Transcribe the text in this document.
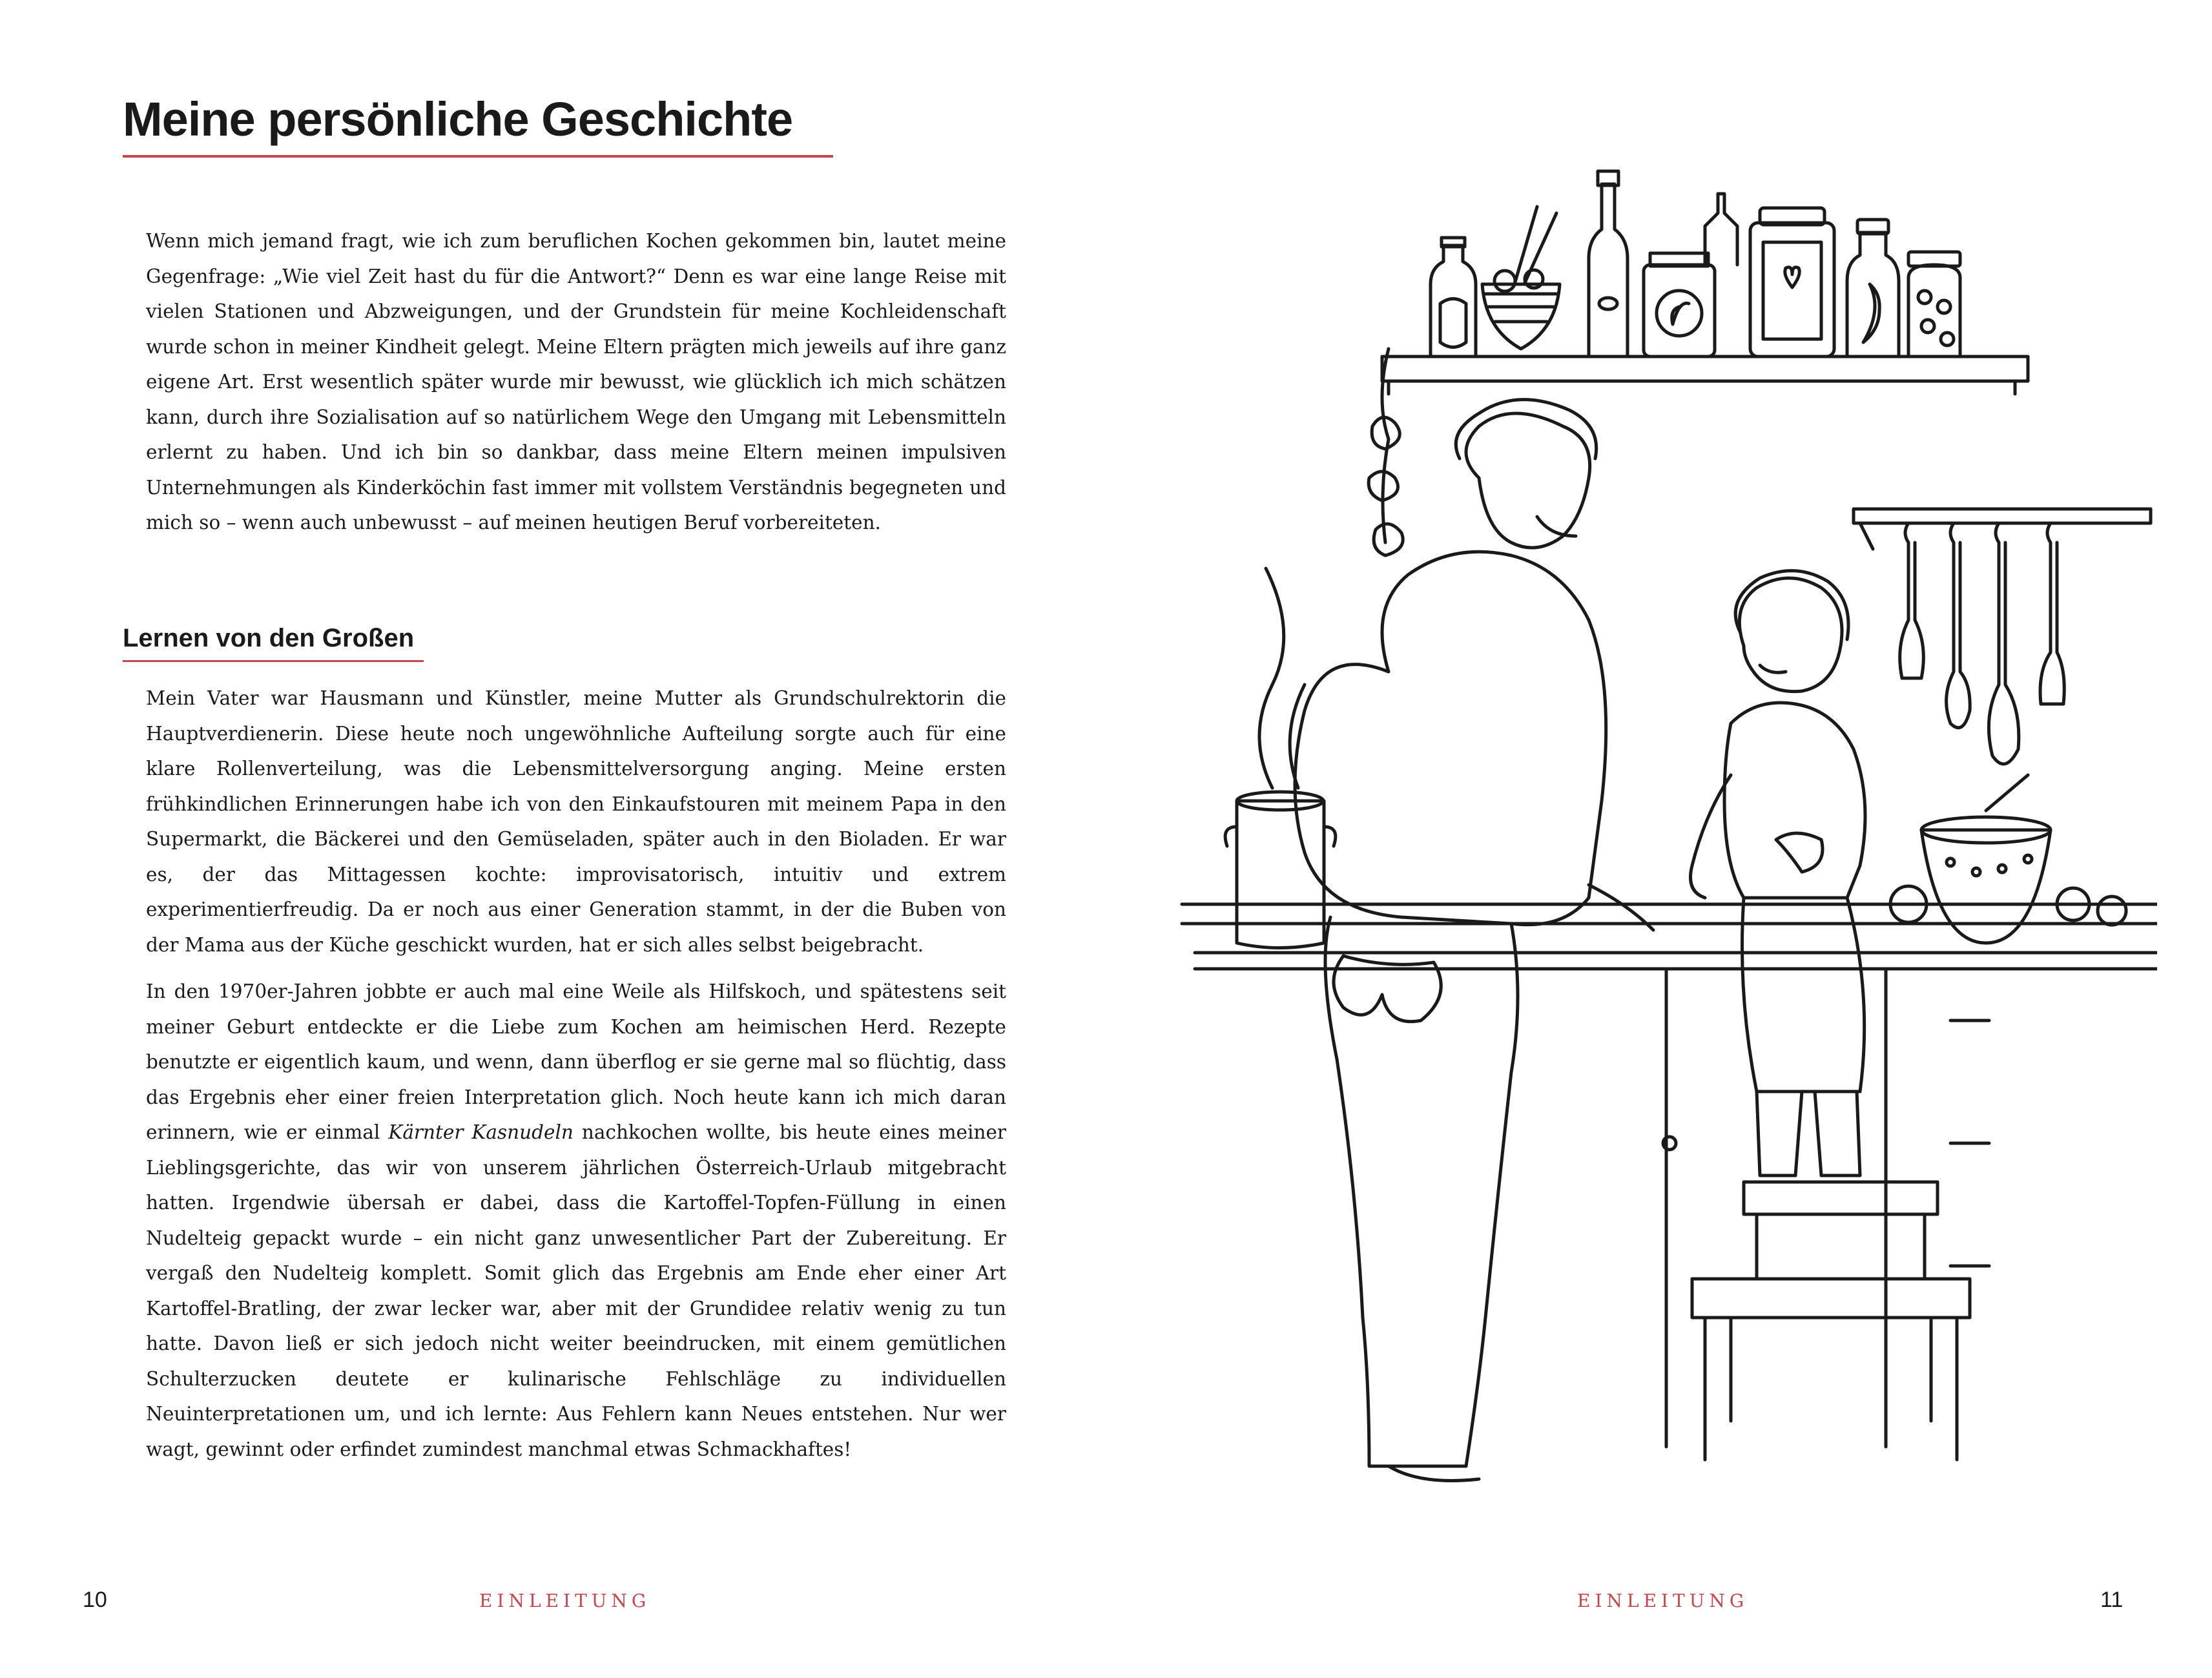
Meine persönliche Geschichte

Wenn mich jemand fragt, wie ich zum beruflichen Kochen gekommen bin, lautet meine Gegenfrage: „Wie viel Zeit hast du für die Antwort?“ Denn es war eine lange Reise mit vielen Stationen und Abzweigungen, und der Grundstein für meine Kochleidenschaft wurde schon in meiner Kindheit gelegt. Meine Eltern prägten mich jeweils auf ihre ganz eigene Art. Erst wesentlich später wurde mir bewusst, wie glücklich ich mich schätzen kann, durch ihre Sozialisation auf so natürlichem Wege den Umgang mit Lebensmitteln erlernt zu haben. Und ich bin so dankbar, dass meine Eltern meinen impulsiven Unternehmungen als Kinderköchin fast immer mit vollstem Verständnis begegneten und mich so – wenn auch unbewusst – auf meinen heutigen Beruf vorbereiteten.

Lernen von den Großen

Mein Vater war Hausmann und Künstler, meine Mutter als Grundschulrektorin die Hauptverdienerin. Diese heute noch ungewöhnliche Aufteilung sorgte auch für eine klare Rollenverteilung, was die Lebensmittelversorgung anging. Meine ersten frühkindlichen Erinnerungen habe ich von den Einkaufstouren mit meinem Papa in den Supermarkt, die Bäckerei und den Gemüseladen, später auch in den Bioladen. Er war es, der das Mittagessen kochte: improvisatorisch, intuitiv und extrem experimentierfreudig. Da er noch aus einer Generation stammt, in der die Buben von der Mama aus der Küche geschickt wurden, hat er sich alles selbst beigebracht.

In den 1970er-Jahren jobbte er auch mal eine Weile als Hilfskoch, und spätestens seit meiner Geburt entdeckte er die Liebe zum Kochen am heimischen Herd. Rezepte benutzte er eigentlich kaum, und wenn, dann überflog er sie gerne mal so flüchtig, dass das Ergebnis eher einer freien Interpretation glich. Noch heute kann ich mich daran erinnern, wie er einmal Kärnter Kasnudeln nachkochen wollte, bis heute eines meiner Lieblingsgerichte, das wir von unserem jährlichen Österreich-Urlaub mitgebracht hatten. Irgendwie übersah er dabei, dass die Kartoffel-Topfen-Füllung in einen Nudelteig gepackt wurde – ein nicht ganz unwesentlicher Part der Zubereitung. Er vergaß den Nudelteig komplett. Somit glich das Ergebnis am Ende eher einer Art Kartoffel-Bratling, der zwar lecker war, aber mit der Grundidee relativ wenig zu tun hatte. Davon ließ er sich jedoch nicht weiter beeindrucken, mit einem gemütlichen Schulterzucken deutete er kulinarische Fehlschläge zu individuellen Neuinterpretationen um, und ich lernte: Aus Fehlern kann Neues entstehen. Nur wer wagt, gewinnt oder erfindet zumindest manchmal etwas Schmackhaftes!

10	EINLEITUNG	EINLEITUNG	11
